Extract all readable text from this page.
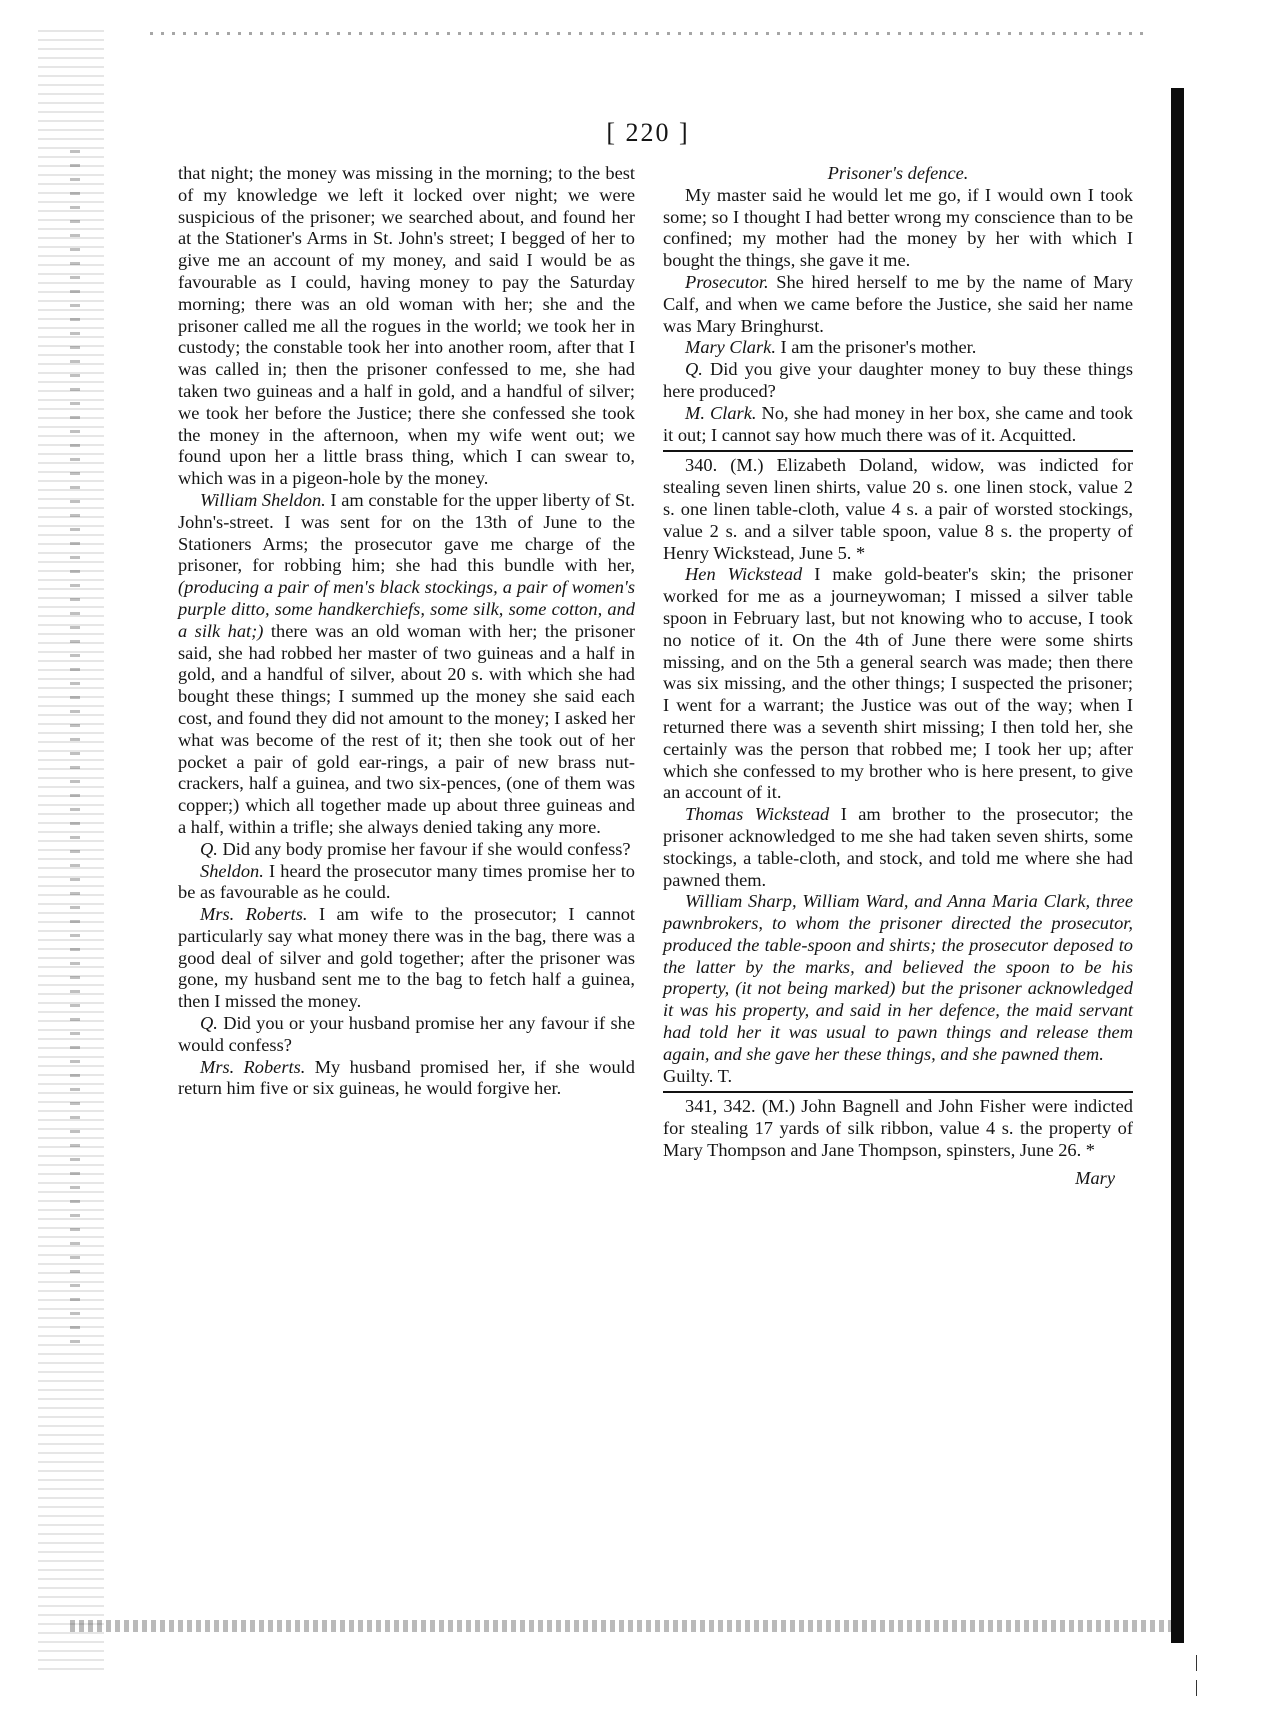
[ 220 ]

that night; the money was missing in the morning; to the best of my knowledge we left it locked over night; we were suspicious of the prisoner; we searched about, and found her at the Stationer's Arms in St. John's street; I begged of her to give me an account of my money, and said I would be as favourable as I could, having money to pay the Saturday morning; there was an old woman with her; she and the prisoner called me all the rogues in the world; we took her in custody; the constable took her into another room, after that I was called in; then the prisoner confessed to me, she had taken two guineas and a half in gold, and a handful of silver; we took her before the Justice; there she confessed she took the money in the afternoon, when my wife went out; we found upon her a little brass thing, which I can swear to, which was in a pigeon-hole by the money.

William Sheldon. I am constable for the upper liberty of St. John's-street. I was sent for on the 13th of June to the Stationers Arms; the prosecutor gave me charge of the prisoner, for robbing him; she had this bundle with her, (producing a pair of men's black stockings, a pair of women's purple ditto, some handkerchiefs, some silk, some cotton, and a silk hat;) there was an old woman with her; the prisoner said, she had robbed her master of two guineas and a half in gold, and a handful of silver, about 20 s. with which she had bought these things; I summed up the money she said each cost, and found they did not amount to the money; I asked her what was become of the rest of it; then she took out of her pocket a pair of gold ear-rings, a pair of new brass nut-crackers, half a guinea, and two six-pences, (one of them was copper;) which all together made up about three guineas and a half, within a trifle; she always denied taking any more.

Q. Did any body promise her favour if she would confess?

Sheldon. I heard the prosecutor many times promise her to be as favourable as he could.

Mrs. Roberts. I am wife to the prosecutor; I cannot particularly say what money there was in the bag, there was a good deal of silver and gold together; after the prisoner was gone, my husband sent me to the bag to fetch half a guinea, then I missed the money.

Q. Did you or your husband promise her any favour if she would confess?

Mrs. Roberts. My husband promised her, if she would return him five or six guineas, he would forgive her.

Prisoner's defence.

My master said he would let me go, if I would own I took some; so I thought I had better wrong my conscience than to be confined; my mother had the money by her with which I bought the things, she gave it me.

Prosecutor. She hired herself to me by the name of Mary Calf, and when we came before the Justice, she said her name was Mary Bringhurst.

Mary Clark. I am the prisoner's mother.

Q. Did you give your daughter money to buy these things here produced?

M. Clark. No, she had money in her box, she came and took it out; I cannot say how much there was of it. Acquitted.

340. (M.) Elizabeth Doland, widow, was indicted for stealing seven linen shirts, value 20 s. one linen stock, value 2 s. one linen table-cloth, value 4 s. a pair of worsted stockings, value 2 s. and a silver table spoon, value 8 s. the property of Henry Wickstead, June 5. *

Hen Wickstead I make gold-beater's skin; the prisoner worked for me as a journeywoman; I missed a silver table spoon in February last, but not knowing who to accuse, I took no notice of it. On the 4th of June there were some shirts missing, and on the 5th a general search was made; then there was six missing, and the other things; I suspected the prisoner; I went for a warrant; the Justice was out of the way; when I returned there was a seventh shirt missing; I then told her, she certainly was the person that robbed me; I took her up; after which she confessed to my brother who is here present, to give an account of it.

Thomas Wickstead I am brother to the prosecutor; the prisoner acknowledged to me she had taken seven shirts, some stockings, a table-cloth, and stock, and told me where she had pawned them.

William Sharp, William Ward, and Anna Maria Clark, three pawnbrokers, to whom the prisoner directed the prosecutor, produced the table-spoon and shirts; the prosecutor deposed to the latter by the marks, and believed the spoon to be his property, (it not being marked) but the prisoner acknowledged it was his property, and said in her defence, the maid servant had told her it was usual to pawn things and release them again, and she gave her these things, and she pawned them.

Guilty. T.

341, 342. (M.) John Bagnell and John Fisher were indicted for stealing 17 yards of silk ribbon, value 4 s. the property of Mary Thompson and Jane Thompson, spinsters, June 26. *

Mary
